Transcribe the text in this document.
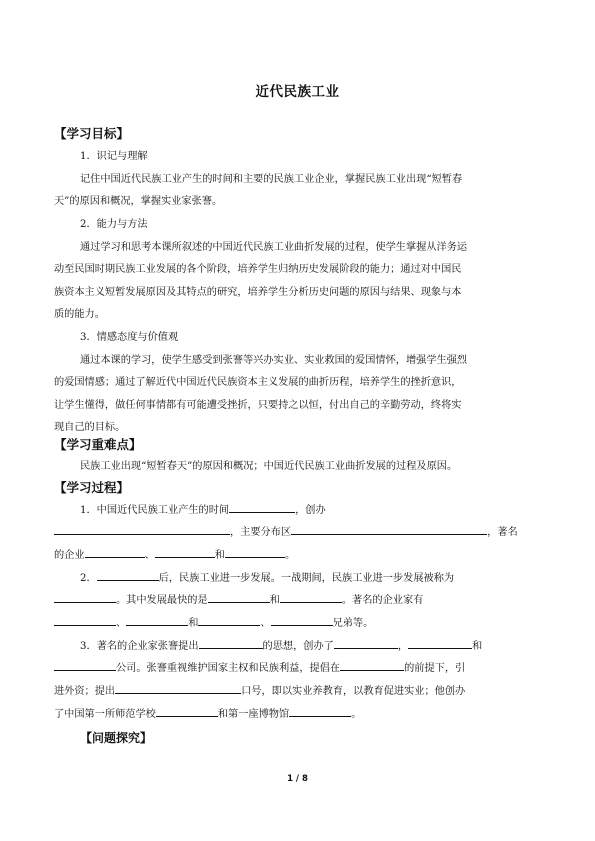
近代民族工业
【学习目标】
1．识记与理解
记住中国近代民族工业产生的时间和主要的民族工业企业，掌握民族工业出现“短暂春
天”的原因和概况，掌握实业家张謇。
2．能力与方法
通过学习和思考本课所叙述的中国近代民族工业曲折发展的过程，使学生掌握从洋务运
动至民国时期民族工业发展的各个阶段，培养学生归纳历史发展阶段的能力；通过对中国民
族资本主义短暂发展原因及其特点的研究，培养学生分析历史问题的原因与结果、现象与本
质的能力。
3．情感态度与价值观
通过本课的学习，使学生感受到张謇等兴办实业、实业救国的爱国情怀，增强学生强烈
的爱国情感；通过了解近代中国近代民族资本主义发展的曲折历程，培养学生的挫折意识，
让学生懂得，做任何事情都有可能遭受挫折，只要持之以恒，付出自己的辛勤劳动，终将实
现自己的目标。
【学习重难点】
民族工业出现“短暂春天”的原因和概况；中国近代民族工业曲折发展的过程及原因。
【学习过程】
1．中国近代民族工业产生的时间	，创办
，主要分布区	，著名
的企业	、	和	。
2．	后，民族工业进一步发展。一战期间，民族工业进一步发展被称为
。其中发展最快的是	和	。著名的企业家有
、	和	、	兄弟等。
3．著名的企业家张謇提出	的思想，创办了	，	和
公司。张謇重视维护国家主权和民族利益，提倡在	的前提下，引
进外资；提出	口号，即以实业养教育，以教育促进实业；他创办
了中国第一所师范学校	和第一座博物馆	。
【问题探究】
1 / 8
